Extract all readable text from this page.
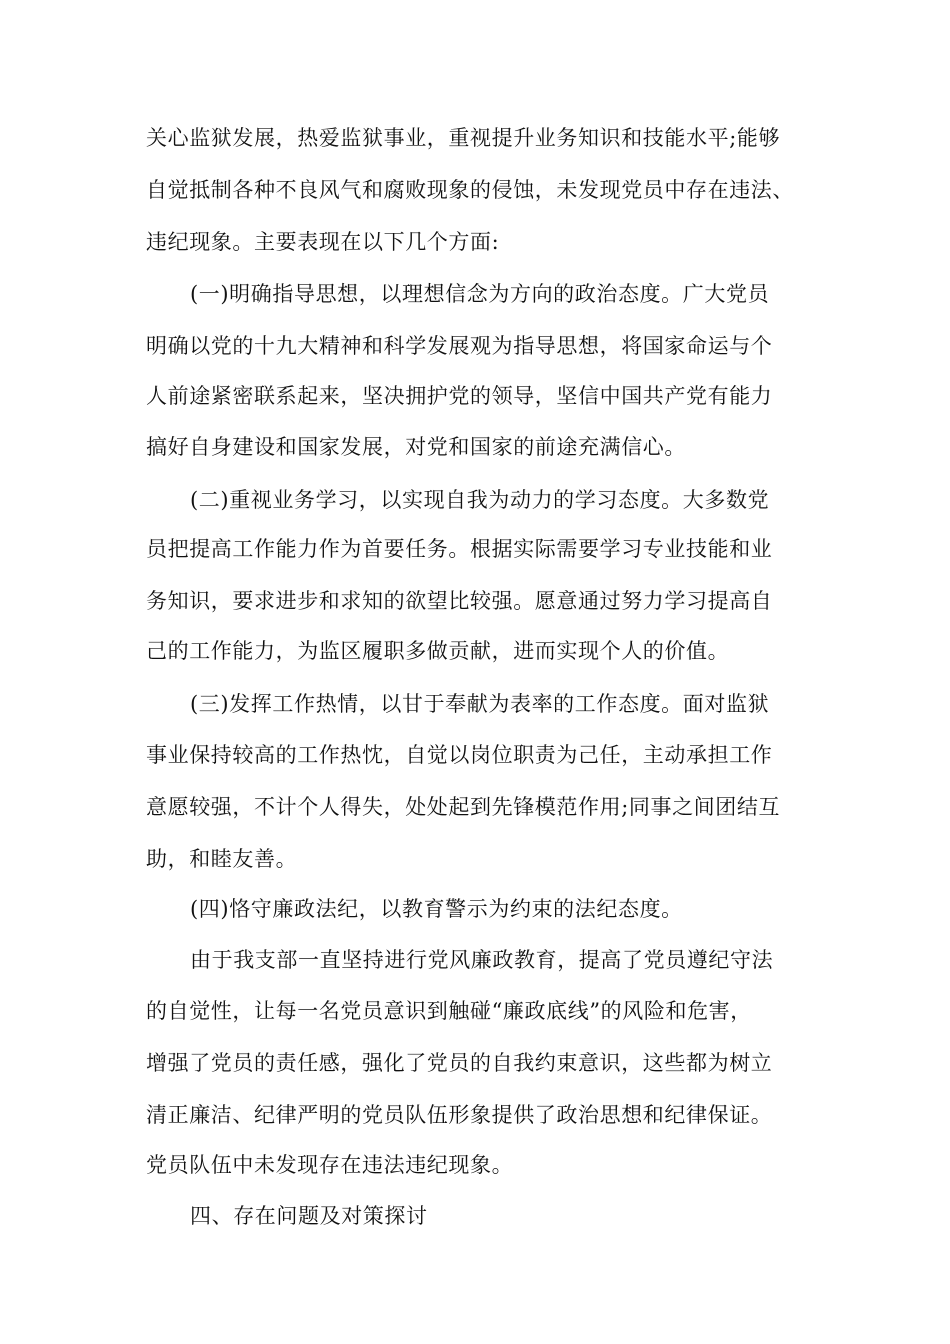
关心监狱发展，热爱监狱事业，重视提升业务知识和技能水平;能够
自觉抵制各种不良风气和腐败现象的侵蚀，未发现党员中存在违法、
违纪现象。主要表现在以下几个方面:
(一)明确指导思想，以理想信念为方向的政治态度。广大党员
明确以党的十九大精神和科学发展观为指导思想，将国家命运与个
人前途紧密联系起来，坚决拥护党的领导，坚信中国共产党有能力
搞好自身建设和国家发展，对党和国家的前途充满信心。
(二)重视业务学习，以实现自我为动力的学习态度。大多数党
员把提高工作能力作为首要任务。根据实际需要学习专业技能和业
务知识，要求进步和求知的欲望比较强。愿意通过努力学习提高自
己的工作能力，为监区履职多做贡献，进而实现个人的价值。
(三)发挥工作热情，以甘于奉献为表率的工作态度。面对监狱
事业保持较高的工作热忱，自觉以岗位职责为己任，主动承担工作
意愿较强，不计个人得失，处处起到先锋模范作用;同事之间团结互
助，和睦友善。
(四)恪守廉政法纪，以教育警示为约束的法纪态度。
由于我支部一直坚持进行党风廉政教育，提高了党员遵纪守法
的自觉性，让每一名党员意识到触碰“廉政底线”的风险和危害，
增强了党员的责任感，强化了党员的自我约束意识，这些都为树立
清正廉洁、纪律严明的党员队伍形象提供了政治思想和纪律保证。
党员队伍中未发现存在违法违纪现象。
四、存在问题及对策探讨
